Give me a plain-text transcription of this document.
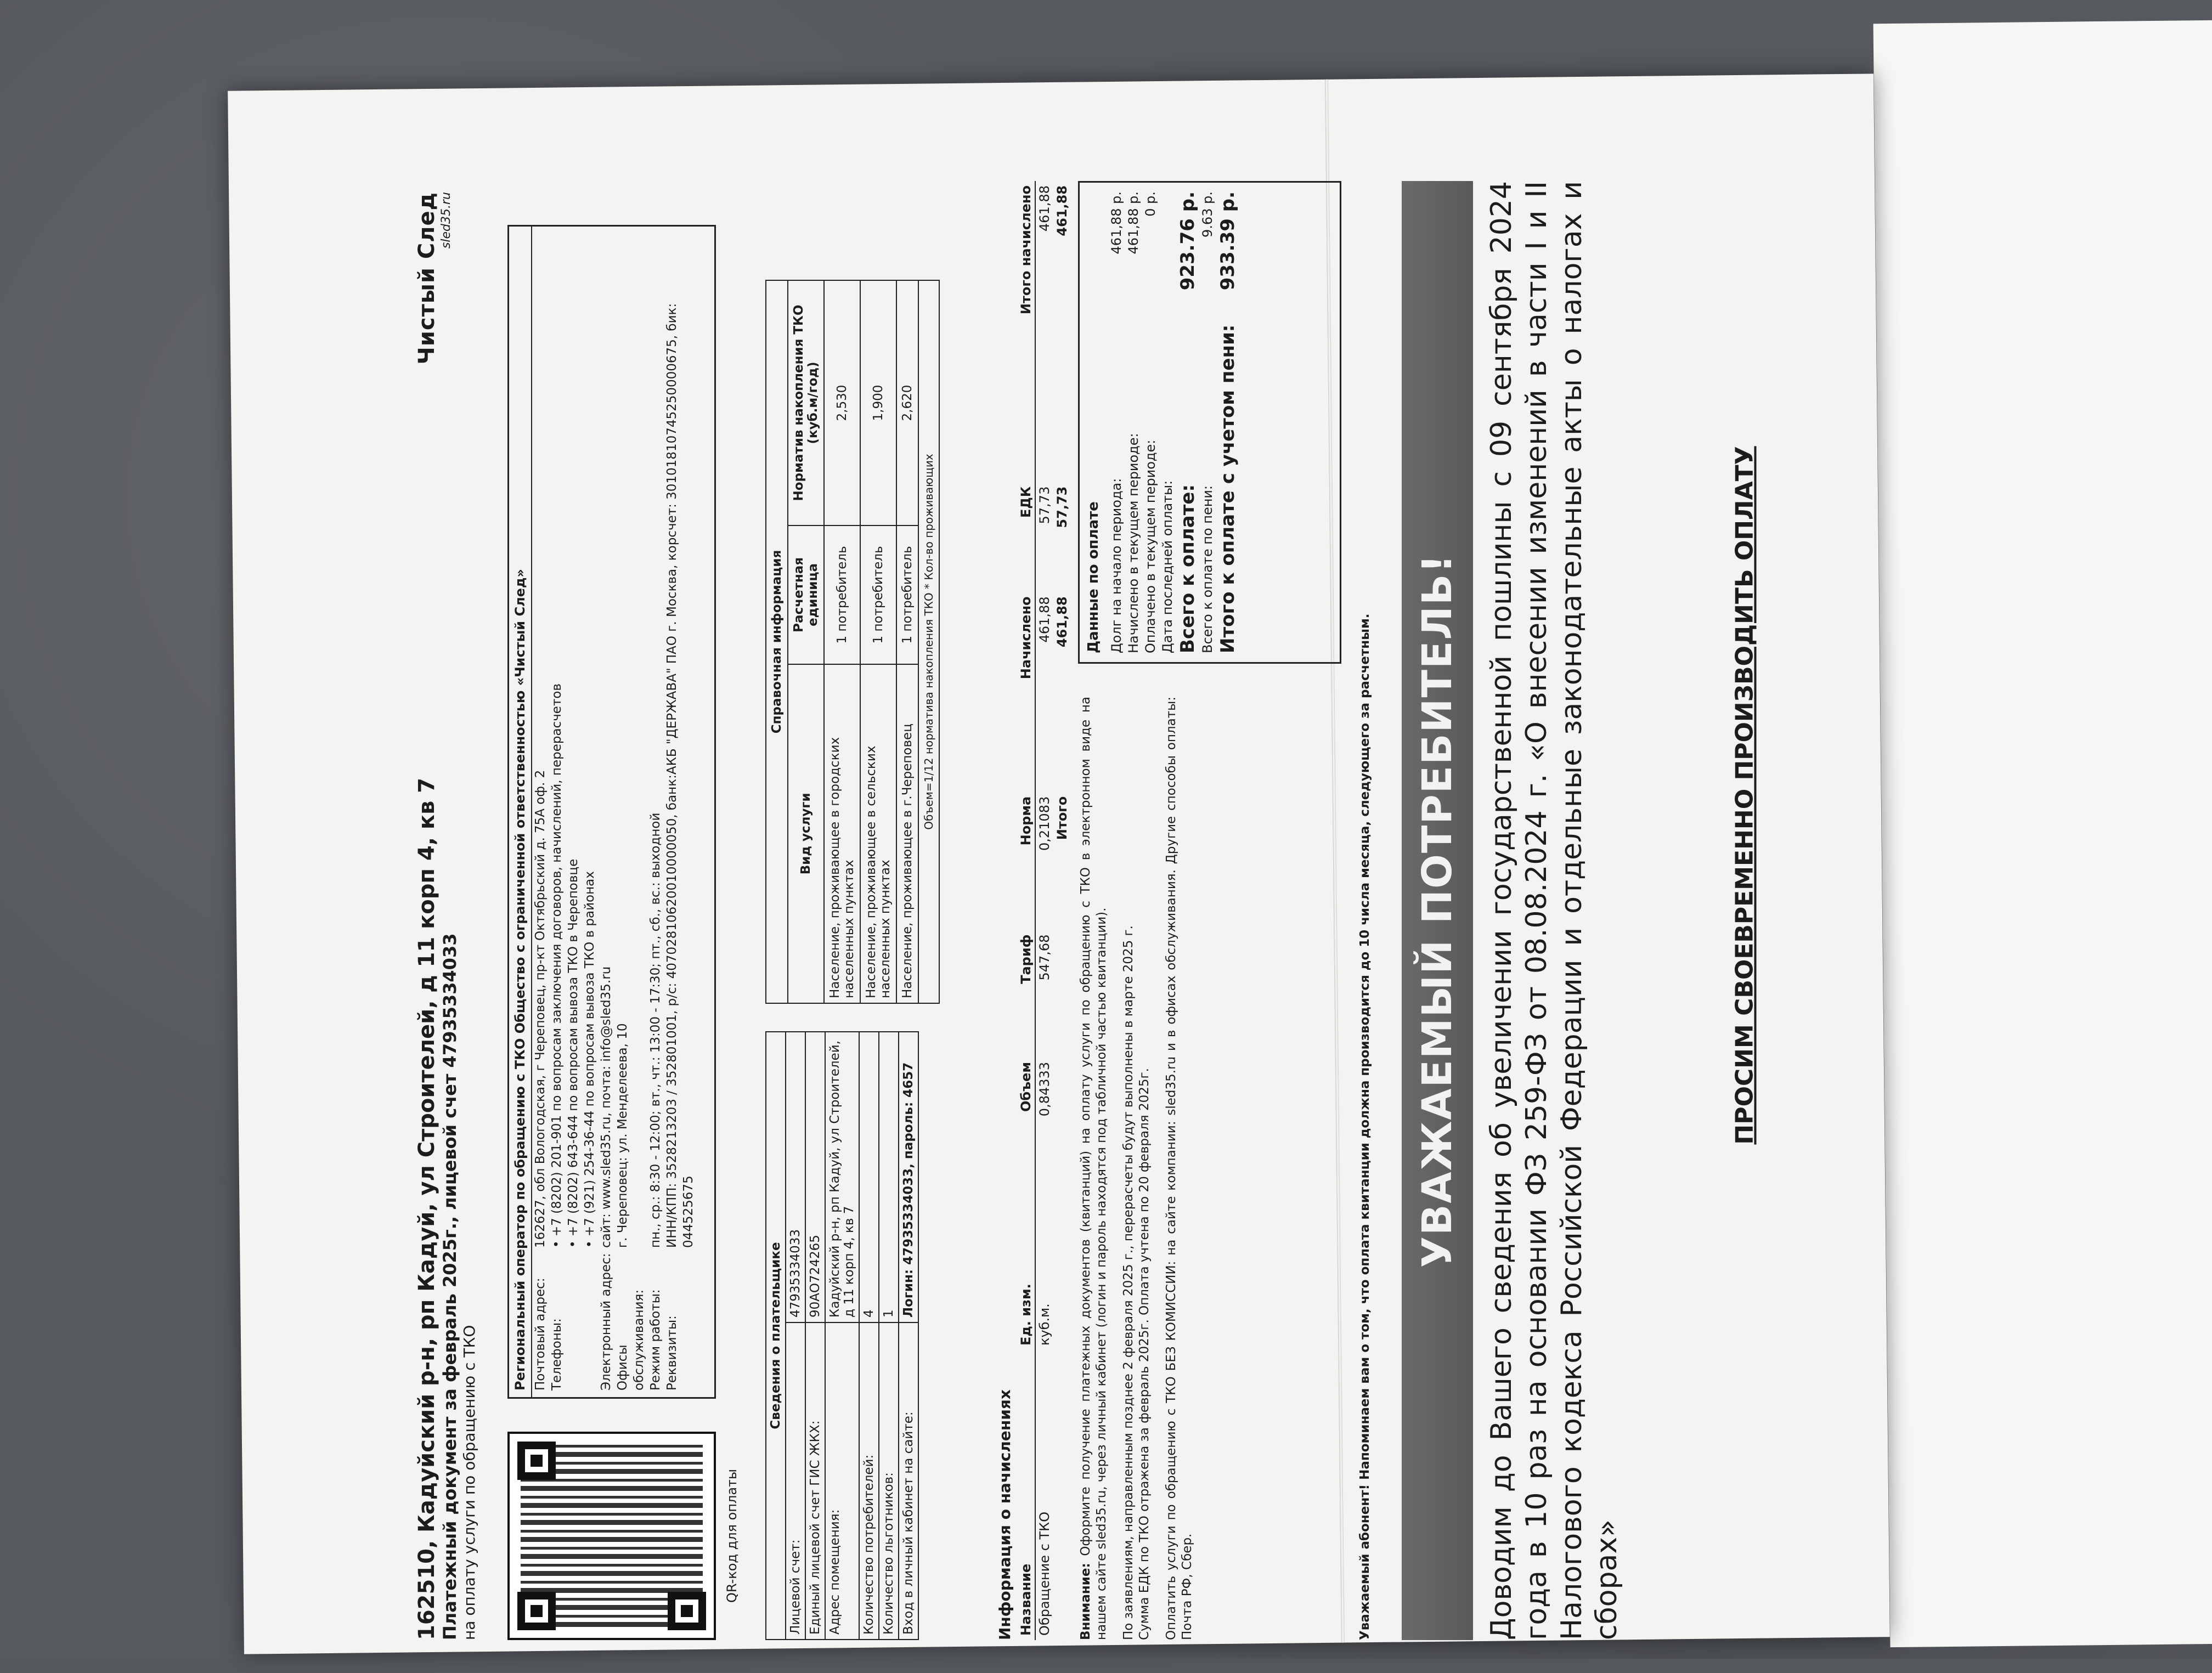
162510, Кадуйский р-н, рп Кадуй, ул Строителей, д 11 корп 4, кв 7 Платежный документ за февраль 2025г., лицевой счет 47935334033 на оплату услуги по обращению с ТКО
Чистый След sled35.ru
QR-код для оплаты
Региональный оператор по обращению с ТКО Общество с ограниченной ответственностью «Чистый След» Почтовый адрес:
162627, обл Вологодская, г Череповец, пр-кт Октябрьский д. 75А оф. 2
Телефоны:
• +7 (8202) 201-901 по вопросам заключения договоров, начислений, перерасчетов • +7 (8202) 643-644 по вопросам вывоза ТКО в Череповце • +7 (921) 254-36-44 по вопросам вывоза ТКО в районах
Электронный адрес:
сайт: www.sled35.ru, почта: info@sled35.ru
Офисы обслуживания:
г. Череповец: ул. Менделеева, 10
Режим работы:
пн., ср.: 8:30 - 12:00; вт., чт.: 13:00 - 17:30; пт., сб., вс.: выходной
Реквизиты:
ИНН/КПП: 3528213203 / 352801001, р/с: 40702810620010000050, банк:АКБ "ДЕРЖАВА" ПАО г. Москва, корсчет: 30101810745250000675, бик: 044525675
Сведения о плательщике	
Лицевой счет:	47935334033
Единый лицевой счет ГИС ЖКХ:	90АО724265
Адрес помещения:	Кадуйский р-н, рп Кадуй, ул Строителей, д 11 корп 4, кв 7
Количество потребителей:	4
Количество льготников:	1
Вход в личный кабинет на сайте:	Логин: 47935334033, пароль: 4657
Справочная информация		
Вид услуги	Расчетная единица	Норматив накопления ТКО (куб.м/год)
Население, проживающее в городских населенных пунктах	1 потребитель	2,530
Население, проживающее в сельских населенных пунктах	1 потребитель	1,900
Население, проживающее в г.Череповец	1 потребитель	2,620
Объем=1/12 норматива накопления ТКО * Кол-во проживающих		
Информация о начислениях Название	Ед. изм.	Объем	Тариф	Норма	Начислено	ЕДК	Итого начислено
Обращение с ТКО	куб.м.	0,84333	547,68	0,21083	461,88	57,73	461,88
				Итого	461,88	57,73	461,88

Внимание: Оформите получение платежных документов (квитанций) на оплату услуги по обращению с ТКО в электронном виде на нашем сайте sled35.ru, через личный кабинет (логин и пароль находятся под табличной частью квитанции). По заявлениям, направленным позднее 2 февраля 2025 г., перерасчеты будут выполнены в марте 2025 г. Сумма ЕДК по ТКО отражена за февраль 2025г. Оплата учтена по 20 февраля 2025г. Оплатить услуги по обращению с ТКО БЕЗ КОМИССИИ: на сайте компании: sled35.ru и в офисах обслуживания. Другие способы оплаты: Почта РФ, Сбер.

Данные по оплате Долг на начало периода:
461,88 р.
Начислено в текущем периоде:
461,88 р.
Оплачено в текущем периоде:
0 р.
Дата последней оплаты: Всего к оплате:
923.76 р.
Всего к оплате по пени:
9.63 р.
Итого к оплате с учетом пени:
933.39 р.
Уважаемый абонент! Напоминаем вам о том, что оплата квитанции должна производится до 10 числа месяца, следующего за расчетным. УВАЖАЕМЫЙ ПОТРЕБИТЕЛЬ! Доводим до Вашего сведения об увеличении государственной пошлины с 09 сентября 2024 года в 10 раз на основании ФЗ 259-ФЗ от 08.08.2024 г. «О внесении изменений в части I и II Налогового кодекса Российской Федерации и отдельные законодательные акты о налогах и сборах»
ПРОСИМ СВОЕВРЕМЕННО ПРОИЗВОДИТЬ ОПЛАТУ
